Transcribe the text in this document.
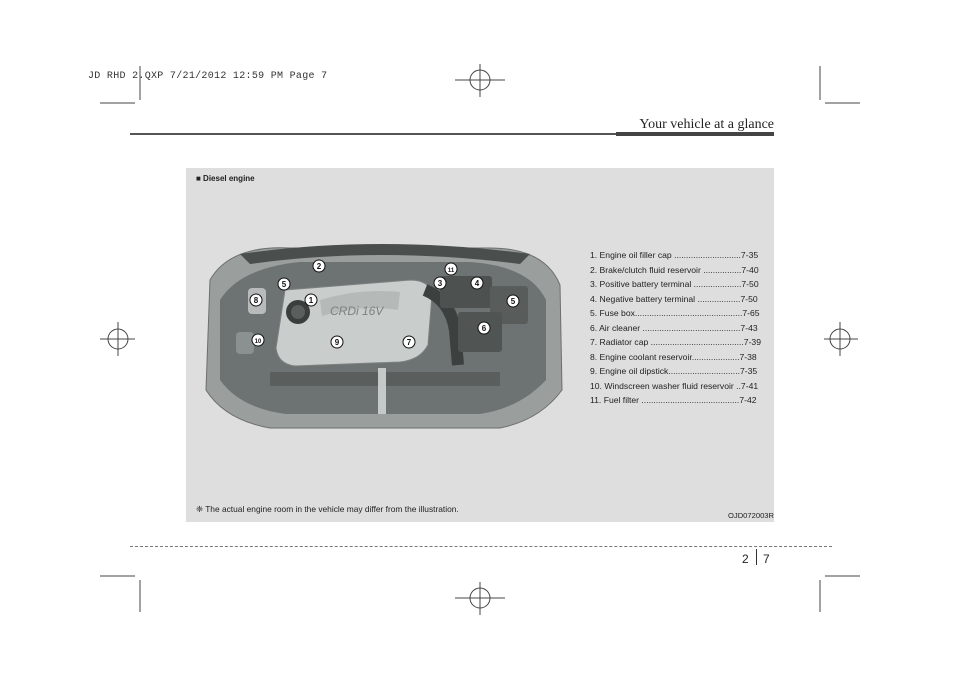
JD RHD 2.QXP 7/21/2012 12:59 PM Page 7
Your vehicle at a glance
■ Diesel engine
CRDi 16V
1
2
3	4
5
5
6
7
8
9
10
11
1. Engine oil filler cap ............................7-35
2. Brake/clutch fluid reservoir ................7-40
3. Positive battery terminal ....................7-50
4. Negative battery terminal ..................7-50
5. Fuse box.............................................7-65
6. Air cleaner .........................................7-43
7. Radiator cap .......................................7-39
8. Engine coolant reservoir....................7-38
9. Engine oil dipstick..............................7-35
10. Windscreen washer fluid reservoir ..7-41
11. Fuel filter .........................................7-42
❈ The actual engine room in the vehicle may differ from the illustration.
OJD072003R
2 7
